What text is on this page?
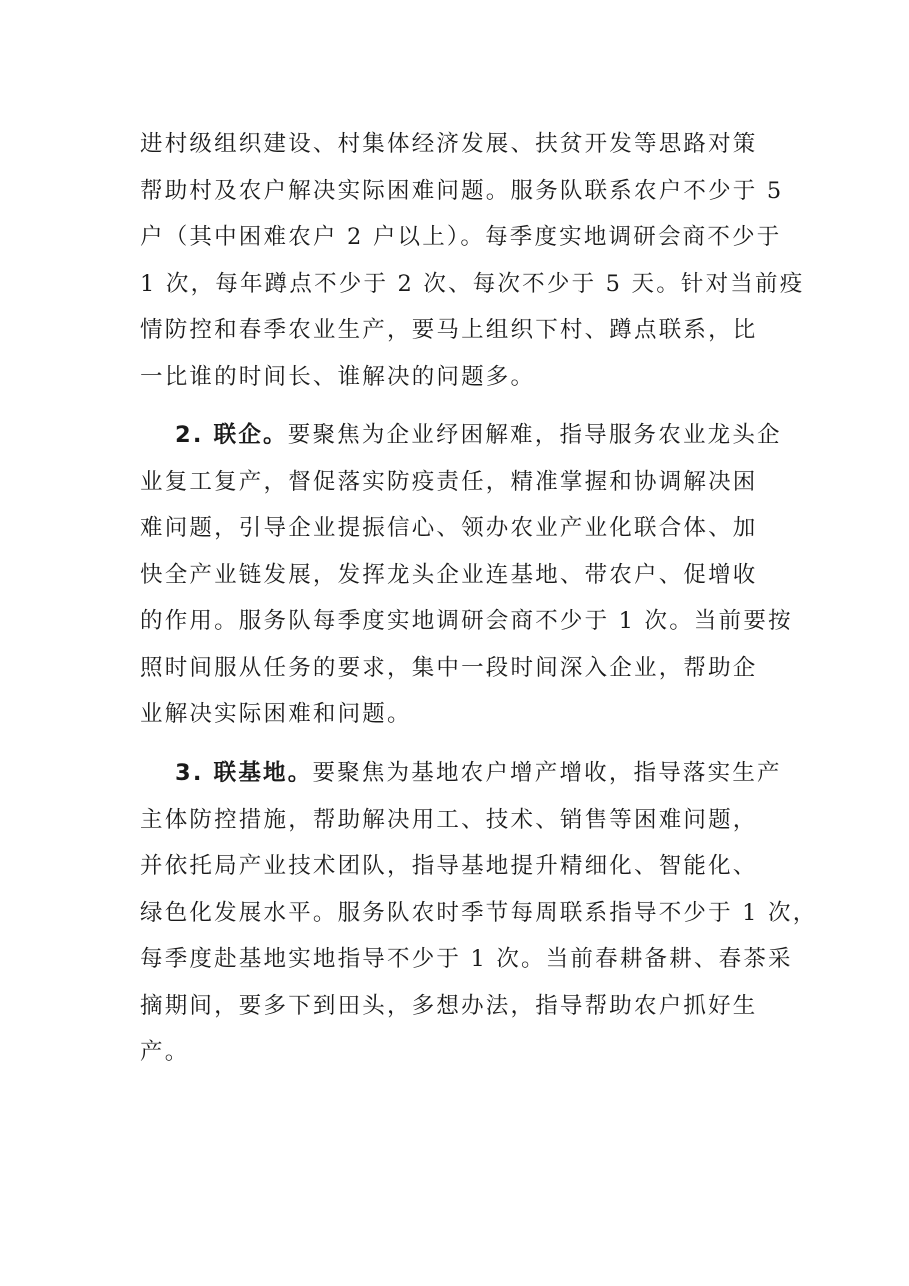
进村级组织建设、村集体经济发展、扶贫开发等思路对策
帮助村及农户解决实际困难问题。服务队联系农户不少于 5
户（其中困难农户 2 户以上）。每季度实地调研会商不少于
1 次，每年蹲点不少于 2 次、每次不少于 5 天。针对当前疫
情防控和春季农业生产，要马上组织下村、蹲点联系，比
一比谁的时间长、谁解决的问题多。
2. 联企。要聚焦为企业纾困解难，指导服务农业龙头企
业复工复产，督促落实防疫责任，精准掌握和协调解决困
难问题，引导企业提振信心、领办农业产业化联合体、加
快全产业链发展，发挥龙头企业连基地、带农户、促增收
的作用。服务队每季度实地调研会商不少于 1 次。当前要按
照时间服从任务的要求，集中一段时间深入企业，帮助企
业解决实际困难和问题。
3. 联基地。要聚焦为基地农户增产增收，指导落实生产
主体防控措施，帮助解决用工、技术、销售等困难问题，
并依托局产业技术团队，指导基地提升精细化、智能化、
绿色化发展水平。服务队农时季节每周联系指导不少于 1 次，
每季度赴基地实地指导不少于 1 次。当前春耕备耕、春茶采
摘期间，要多下到田头，多想办法，指导帮助农户抓好生
产。
